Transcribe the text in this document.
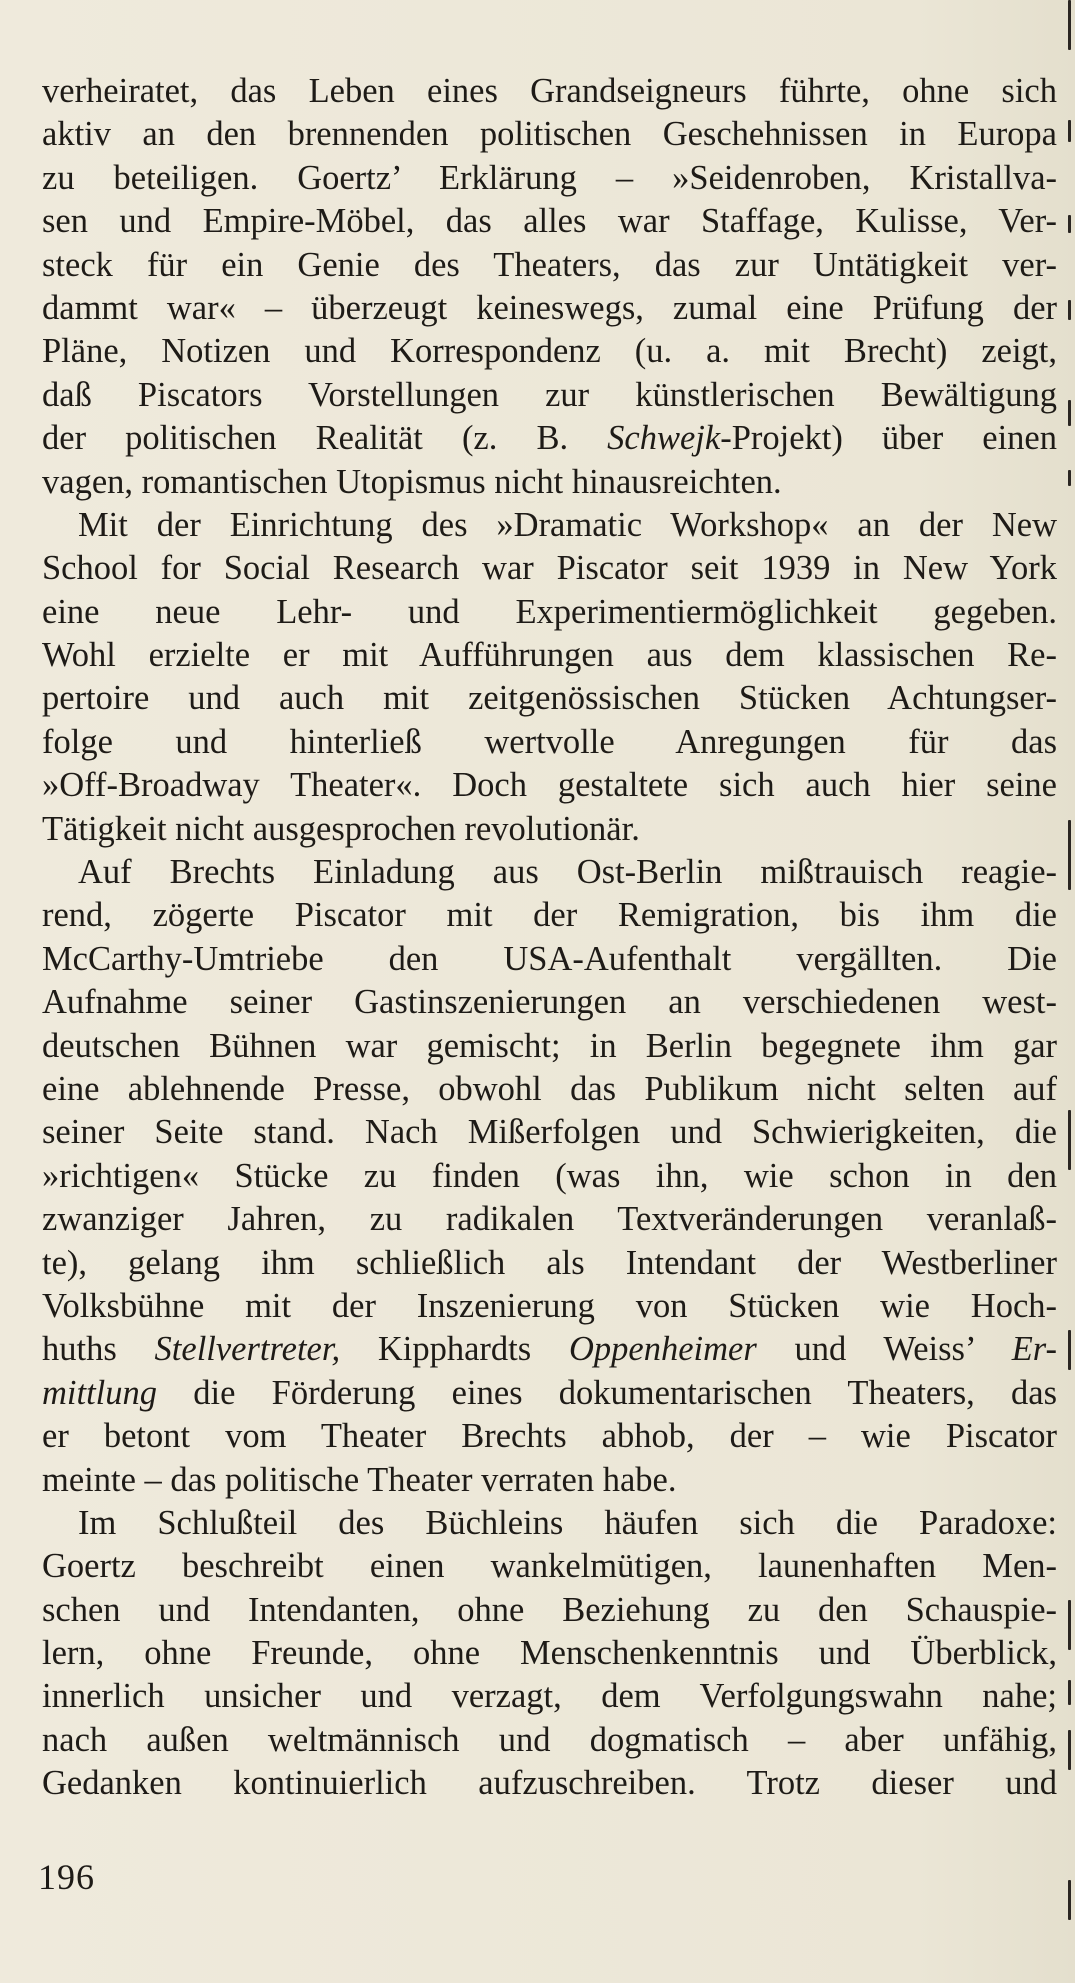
verheiratet, das Leben eines Grandseigneurs führte, ohne sich
aktiv an den brennenden politischen Geschehnissen in Europa
zu beteiligen. Goertz’ Erklärung – »Seidenroben, Kristallva-
sen und Empire-Möbel, das alles war Staffage, Kulisse, Ver-
steck für ein Genie des Theaters, das zur Untätigkeit ver-
dammt war« – überzeugt keineswegs, zumal eine Prüfung der
Pläne, Notizen und Korrespondenz (u. a. mit Brecht) zeigt,
daß Piscators Vorstellungen zur künstlerischen Bewältigung
der politischen Realität (z. B. Schwejk-Projekt) über einen
vagen, romantischen Utopismus nicht hinausreichten.
Mit der Einrichtung des »Dramatic Workshop« an der New
School for Social Research war Piscator seit 1939 in New York
eine neue Lehr- und Experimentiermöglichkeit gegeben.
Wohl erzielte er mit Aufführungen aus dem klassischen Re-
pertoire und auch mit zeitgenössischen Stücken Achtungser-
folge und hinterließ wertvolle Anregungen für das
»Off-Broadway Theater«. Doch gestaltete sich auch hier seine
Tätigkeit nicht ausgesprochen revolutionär.
Auf Brechts Einladung aus Ost-Berlin mißtrauisch reagie-
rend, zögerte Piscator mit der Remigration, bis ihm die
McCarthy-Umtriebe den USA-Aufenthalt vergällten. Die
Aufnahme seiner Gastinszenierungen an verschiedenen west-
deutschen Bühnen war gemischt; in Berlin begegnete ihm gar
eine ablehnende Presse, obwohl das Publikum nicht selten auf
seiner Seite stand. Nach Mißerfolgen und Schwierigkeiten, die
»richtigen« Stücke zu finden (was ihn, wie schon in den
zwanziger Jahren, zu radikalen Textveränderungen veranlaß-
te), gelang ihm schließlich als Intendant der Westberliner
Volksbühne mit der Inszenierung von Stücken wie Hoch-
huths Stellvertreter, Kipphardts Oppenheimer und Weiss’ Er-
mittlung die Förderung eines dokumentarischen Theaters, das
er betont vom Theater Brechts abhob, der – wie Piscator
meinte – das politische Theater verraten habe.
Im Schlußteil des Büchleins häufen sich die Paradoxe:
Goertz beschreibt einen wankelmütigen, launenhaften Men-
schen und Intendanten, ohne Beziehung zu den Schauspie-
lern, ohne Freunde, ohne Menschenkenntnis und Überblick,
innerlich unsicher und verzagt, dem Verfolgungswahn nahe;
nach außen weltmännisch und dogmatisch – aber unfähig,
Gedanken kontinuierlich aufzuschreiben. Trotz dieser und
196
